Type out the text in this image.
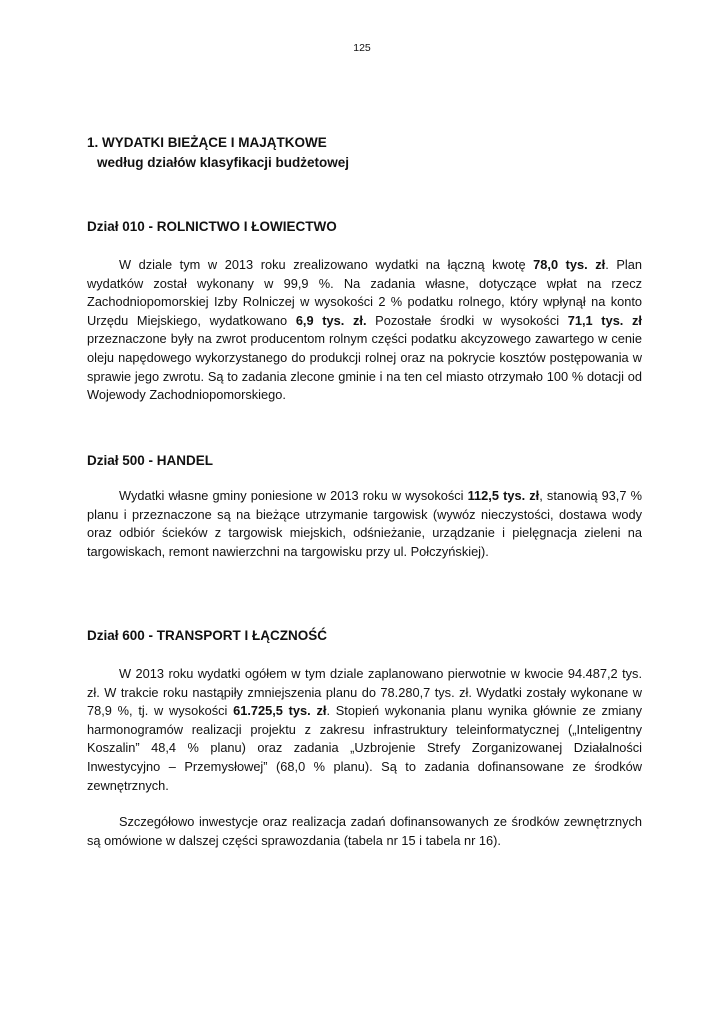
125
1. WYDATKI BIEŻĄCE I MAJĄTKOWE
według działów klasyfikacji budżetowej
Dział 010 - ROLNICTWO I ŁOWIECTWO

W dziale tym w 2013 roku zrealizowano wydatki na łączną kwotę 78,0 tys. zł. Plan wydatków został wykonany w 99,9 %. Na zadania własne, dotyczące wpłat na rzecz Zachodniopomorskiej Izby Rolniczej w wysokości 2 % podatku rolnego, który wpłynął na konto Urzędu Miejskiego, wydatkowano 6,9 tys. zł. Pozostałe środki w wysokości 71,1 tys. zł przeznaczone były na zwrot producentom rolnym części podatku akcyzowego zawartego w cenie oleju napędowego wykorzystanego do produkcji rolnej oraz na pokrycie kosztów postępowania w sprawie jego zwrotu. Są to zadania zlecone gminie i na ten cel miasto otrzymało 100 % dotacji od Wojewody Zachodniopomorskiego.

Dział 500 - HANDEL

Wydatki własne gminy poniesione w 2013 roku w wysokości 112,5 tys. zł, stanowią 93,7 % planu i przeznaczone są na bieżące utrzymanie targowisk (wywóz nieczystości, dostawa wody oraz odbiór ścieków z targowisk miejskich, odśnieżanie, urządzanie i pielęgnacja zieleni na targowiskach, remont nawierzchni na targowisku przy ul. Połczyńskiej).

Dział 600 - TRANSPORT I ŁĄCZNOŚĆ

W 2013 roku wydatki ogółem w tym dziale zaplanowano pierwotnie w kwocie 94.487,2 tys. zł. W trakcie roku nastąpiły zmniejszenia planu do 78.280,7 tys. zł. Wydatki zostały wykonane w 78,9 %, tj. w wysokości 61.725,5 tys. zł. Stopień wykonania planu wynika głównie ze zmiany harmonogramów realizacji projektu z zakresu infrastruktury teleinformatycznej („Inteligentny Koszalin” 48,4 % planu) oraz zadania „Uzbrojenie Strefy Zorganizowanej Działalności Inwestycyjno – Przemysłowej” (68,0 % planu). Są to zadania dofinansowane ze środków zewnętrznych.

Szczegółowo inwestycje oraz realizacja zadań dofinansowanych ze środków zewnętrznych są omówione w dalszej części sprawozdania (tabela nr 15 i tabela nr 16).
